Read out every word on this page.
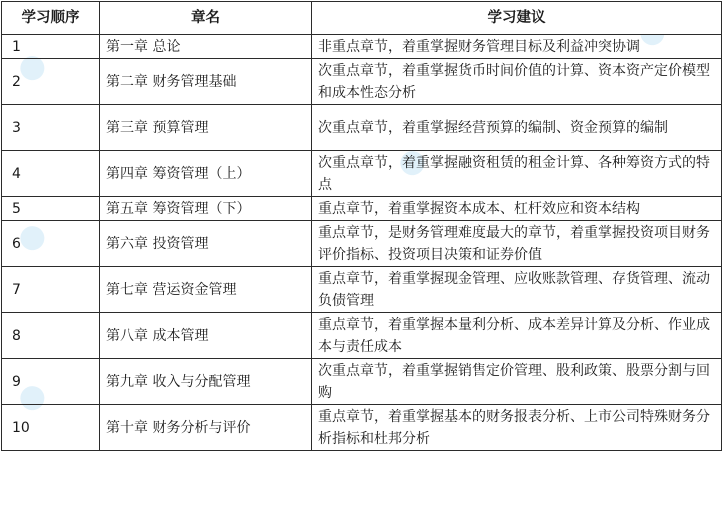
学习顺序	章名	学习建议
1	第一章 总论	非重点章节，着重掌握财务管理目标及利益冲突协调
2	第二章 财务管理基础	次重点章节，着重掌握货币时间价值的计算、资本资产定价模型和成本性态分析
3	第三章 预算管理	次重点章节，着重掌握经营预算的编制、资金预算的编制
4	第四章 筹资管理（上）	次重点章节，着重掌握融资租赁的租金计算、各种筹资方式的特点
5	第五章 筹资管理（下）	重点章节，着重掌握资本成本、杠杆效应和资本结构
6	第六章 投资管理	重点章节，是财务管理难度最大的章节，着重掌握投资项目财务评价指标、投资项目决策和证券价值
7	第七章 营运资金管理	重点章节，着重掌握现金管理、应收账款管理、存货管理、流动负债管理
8	第八章 成本管理	重点章节，着重掌握本量利分析、成本差异计算及分析、作业成本与责任成本
9	第九章 收入与分配管理	次重点章节，着重掌握销售定价管理、股利政策、股票分割与回购
10	第十章 财务分析与评价	重点章节，着重掌握基本的财务报表分析、上市公司特殊财务分析指标和杜邦分析
